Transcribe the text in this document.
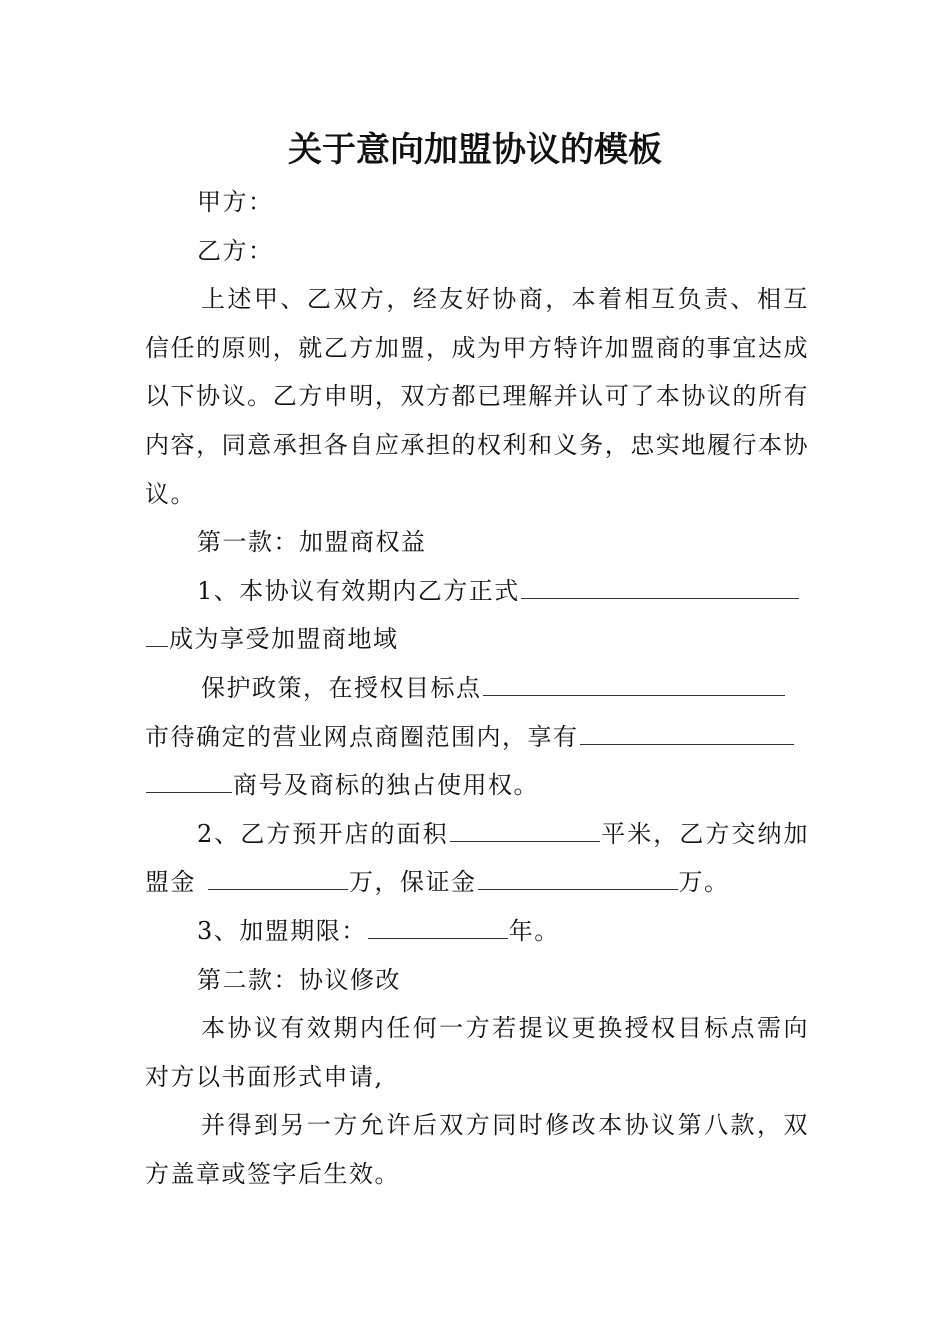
关于意向加盟协议的模板

甲方：

乙方：

上述甲、乙双方，经友好协商，本着相互负责、相互信任的原则，就乙方加盟，成为甲方特许加盟商的事宜达成以下协议。乙方申明，双方都已理解并认可了本协议的所有内容，同意承担各自应承担的权利和义务，忠实地履行本协议。

第一款：加盟商权益

1、本协议有效期内乙方正式

成为享受加盟商地域

保护政策，在授权目标点

市待确定的营业网点商圈范围内，享有

商号及商标的独占使用权。

2、乙方预开店的面积	平米，乙方交纳加盟金	万，保证金	万。

3、加盟期限：	年。

第二款：协议修改

本协议有效期内任何一方若提议更换授权目标点需向对方以书面形式申请,

并得到另一方允许后双方同时修改本协议第八款，双方盖章或签字后生效。
